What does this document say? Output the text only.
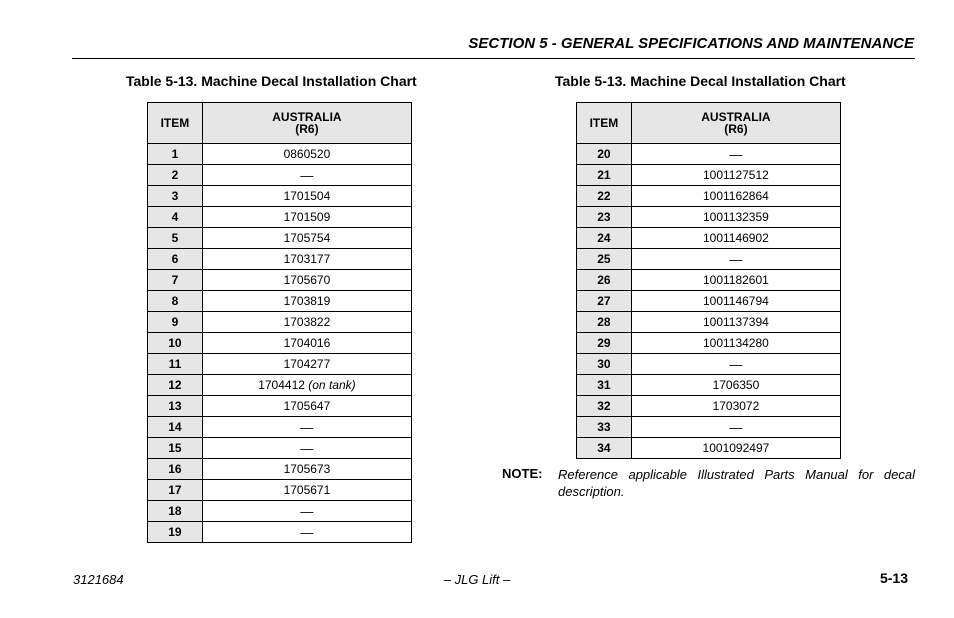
SECTION 5 - GENERAL SPECIFICATIONS AND MAINTENANCE
Table 5-13. Machine Decal Installation Chart	Table 5-13. Machine Decal Installation Chart
ITEM	AUSTRALIA
(R6)
1	0860520
2	—
3	1701504
4	1701509
5	1705754
6	1703177
7	1705670
8	1703819
9	1703822
10	1704016
11	1704277
12	1704412 (on tank)
13	1705647
14	—
15	—
16	1705673
17	1705671
18	—
19	—
ITEM	AUSTRALIA
(R6)
20	—
21	1001127512
22	1001162864
23	1001132359
24	1001146902
25	—
26	1001182601
27	1001146794
28	1001137394
29	1001134280
30	—
31	1706350
32	1703072
33	—
34	1001092497
NOTE: Reference applicable Illustrated Parts Manual for decal description.
3121684	– JLG Lift –	5-13
